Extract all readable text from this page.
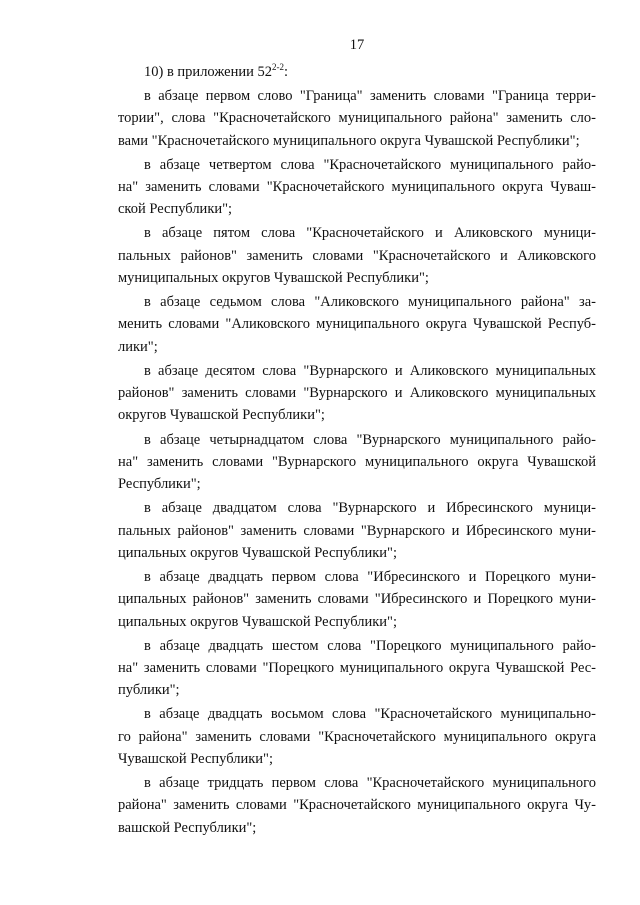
17
10) в приложении 52$^{2-2}$:
в абзаце первом слово "Граница" заменить словами "Граница терри-
тории", слова "Красночетайского муниципального района" заменить сло-
вами "Красночетайского муниципального округа Чувашской Республики";
в абзаце четвертом слова "Красночетайского муниципального райо-
на" заменить словами "Красночетайского муниципального округа Чуваш-
ской Республики";
в абзаце пятом слова "Красночетайского и Аликовского муници-
пальных районов" заменить словами "Красночетайского и Аликовского
муниципальных округов Чувашской Республики";
в абзаце седьмом слова "Аликовского муниципального района" за-
менить словами "Аликовского муниципального округа Чувашской Респуб-
лики";
в абзаце десятом слова "Вурнарского и Аликовского муниципальных
районов" заменить словами "Вурнарского и Аликовского муниципальных
округов Чувашской Республики";
в абзаце четырнадцатом слова "Вурнарского муниципального райо-
на" заменить словами "Вурнарского муниципального округа Чувашской
Республики";
в абзаце двадцатом слова "Вурнарского и Ибресинского муници-
пальных районов" заменить словами "Вурнарского и Ибресинского муни-
ципальных округов Чувашской Республики";
в абзаце двадцать первом слова "Ибресинского и Порецкого муни-
ципальных районов" заменить словами "Ибресинского и Порецкого муни-
ципальных округов Чувашской Республики";
в абзаце двадцать шестом слова "Порецкого муниципального райо-
на" заменить словами "Порецкого муниципального округа Чувашской Рес-
публики";
в абзаце двадцать восьмом слова "Красночетайского муниципально-
го района" заменить словами "Красночетайского муниципального округа
Чувашской Республики";
в абзаце тридцать первом слова "Красночетайского муниципального
района" заменить словами "Красночетайского муниципального округа Чу-
вашской Республики";
